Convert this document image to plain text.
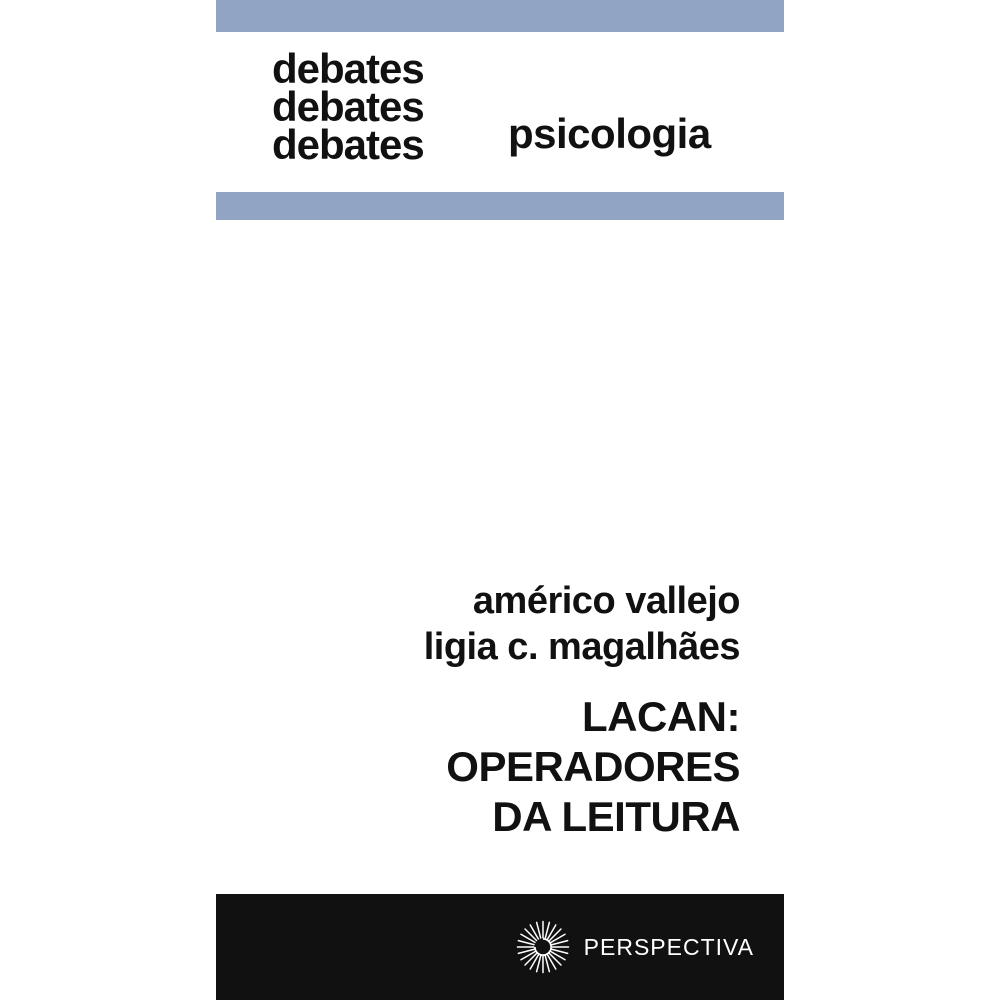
debates
debates
debates	psicologia
américo vallejo
ligia c. magalhães
LACAN:
OPERADORES
DA LEITURA
PERSPECTIVA
